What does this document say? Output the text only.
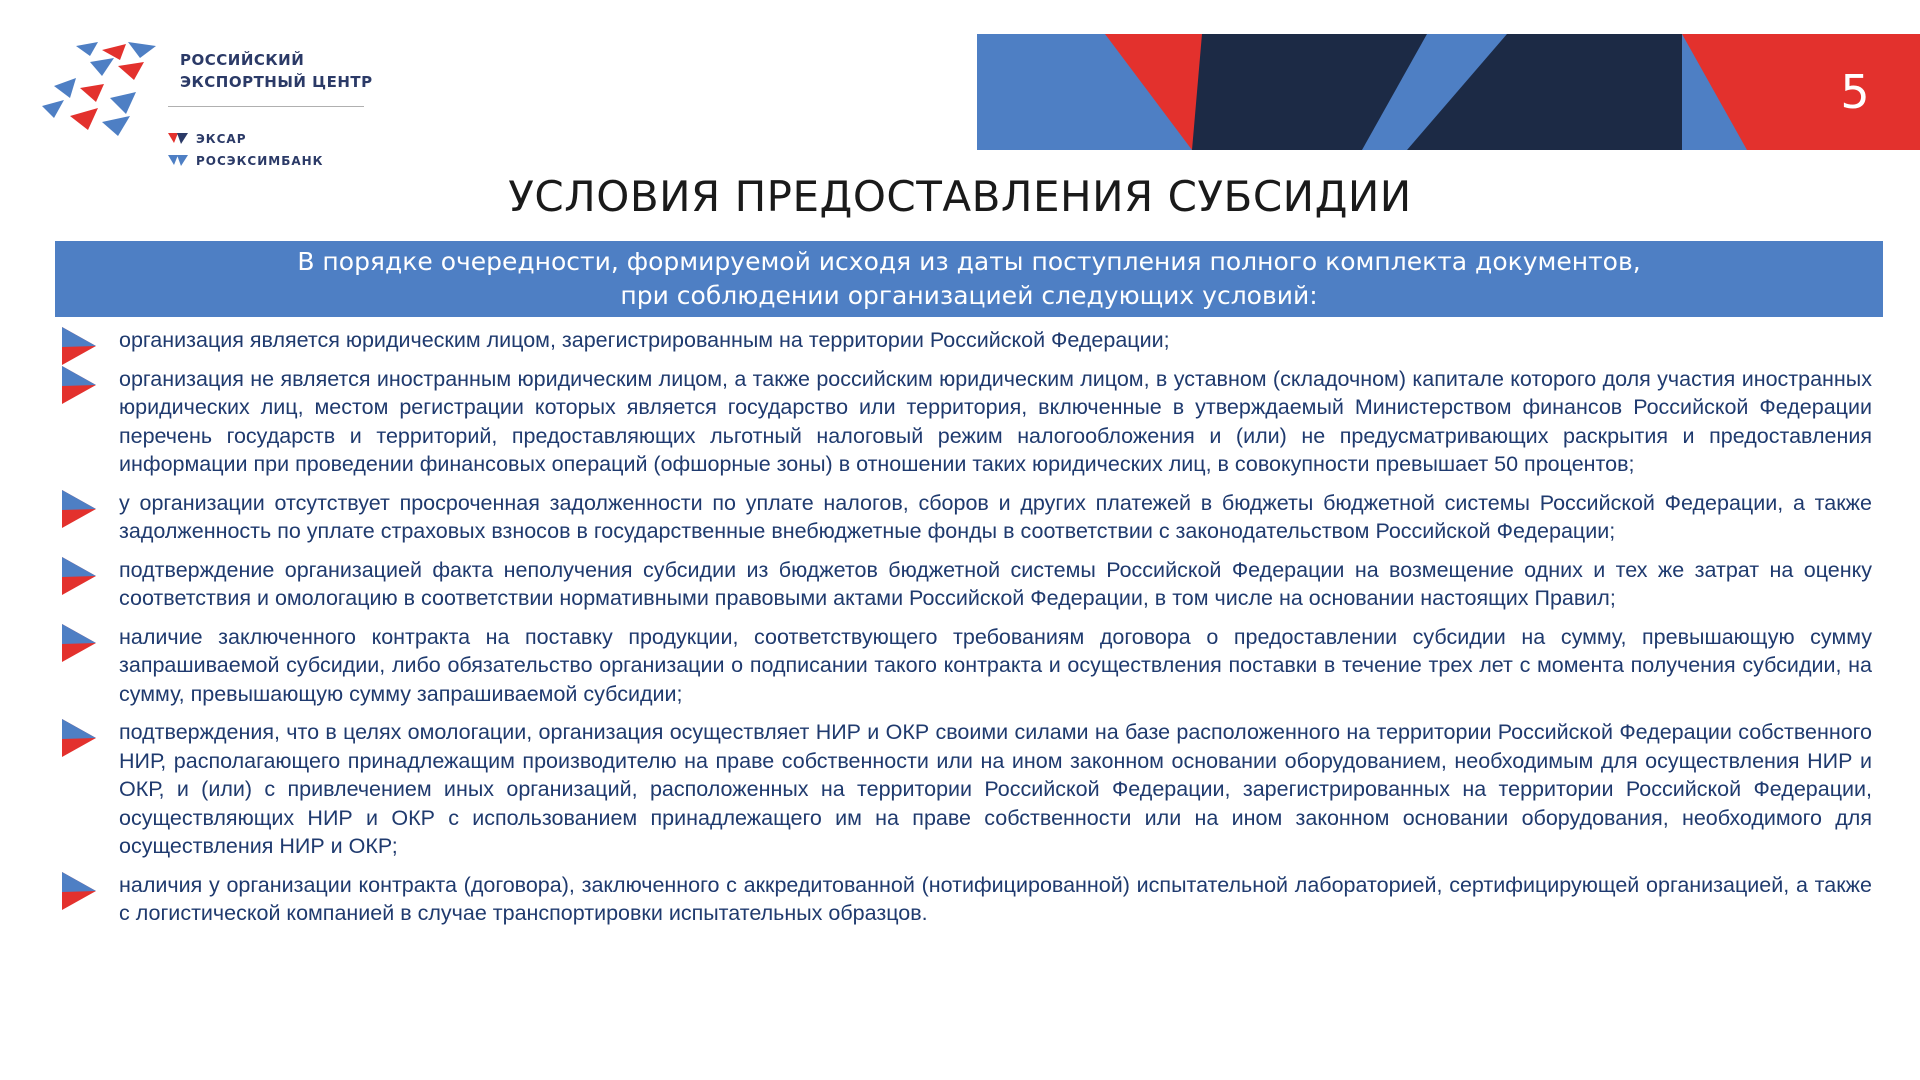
РОССИЙСКИЙ
ЭКСПОРТНЫЙ ЦЕНТР
ЭКСАР
РОСЭКСИМБАНК
5
УСЛОВИЯ ПРЕДОСТАВЛЕНИЯ СУБСИДИИ
В порядке очередности, формируемой исходя из даты поступления полного комплекта документов,
при соблюдении организацией следующих условий:

организация является юридическим лицом, зарегистрированным на территории Российской Федерации;

организация не является иностранным юридическим лицом, а также российским юридическим лицом, в уставном (складочном) капитале которого доля участия иностранных юридических лиц, местом регистрации которых является государство или территория, включенные в утверждаемый Министерством финансов Российской Федерации перечень государств и территорий, предоставляющих льготный налоговый режим налогообложения и (или) не предусматривающих раскрытия и предоставления информации при проведении финансовых операций (офшорные зоны) в отношении таких юридических лиц, в совокупности превышает 50 процентов;

у организации отсутствует просроченная задолженности по уплате налогов, сборов и других платежей в бюджеты бюджетной системы Российской Федерации, а также задолженность по уплате страховых взносов в государственные внебюджетные фонды в соответствии с законодательством Российской Федерации;

подтверждение организацией факта неполучения субсидии из бюджетов бюджетной системы Российской Федерации на возмещение одних и тех же затрат на оценку соответствия и омологацию в соответствии нормативными правовыми актами Российской Федерации, в том числе на основании настоящих Правил;

наличие заключенного контракта на поставку продукции, соответствующего требованиям договора о предоставлении субсидии на сумму, превышающую сумму запрашиваемой субсидии, либо обязательство организации о подписании такого контракта и осуществления поставки в течение трех лет с момента получения субсидии, на сумму, превышающую сумму запрашиваемой субсидии;

подтверждения, что в целях омологации, организация осуществляет НИР и ОКР своими силами на базе расположенного на территории Российской Федерации собственного НИР, располагающего принадлежащим производителю на праве собственности или на ином законном основании оборудованием, необходимым для осуществления НИР и ОКР, и (или) с привлечением иных организаций, расположенных на территории Российской Федерации, зарегистрированных на территории Российской Федерации, осуществляющих НИР и ОКР с использованием принадлежащего им на праве собственности или на ином законном основании оборудования, необходимого для осуществления НИР и ОКР;

наличия у организации контракта (договора), заключенного с аккредитованной (нотифицированной) испытательной лабораторией, сертифицирующей организацией, а также с логистической компанией в случае транспортировки испытательных образцов.
